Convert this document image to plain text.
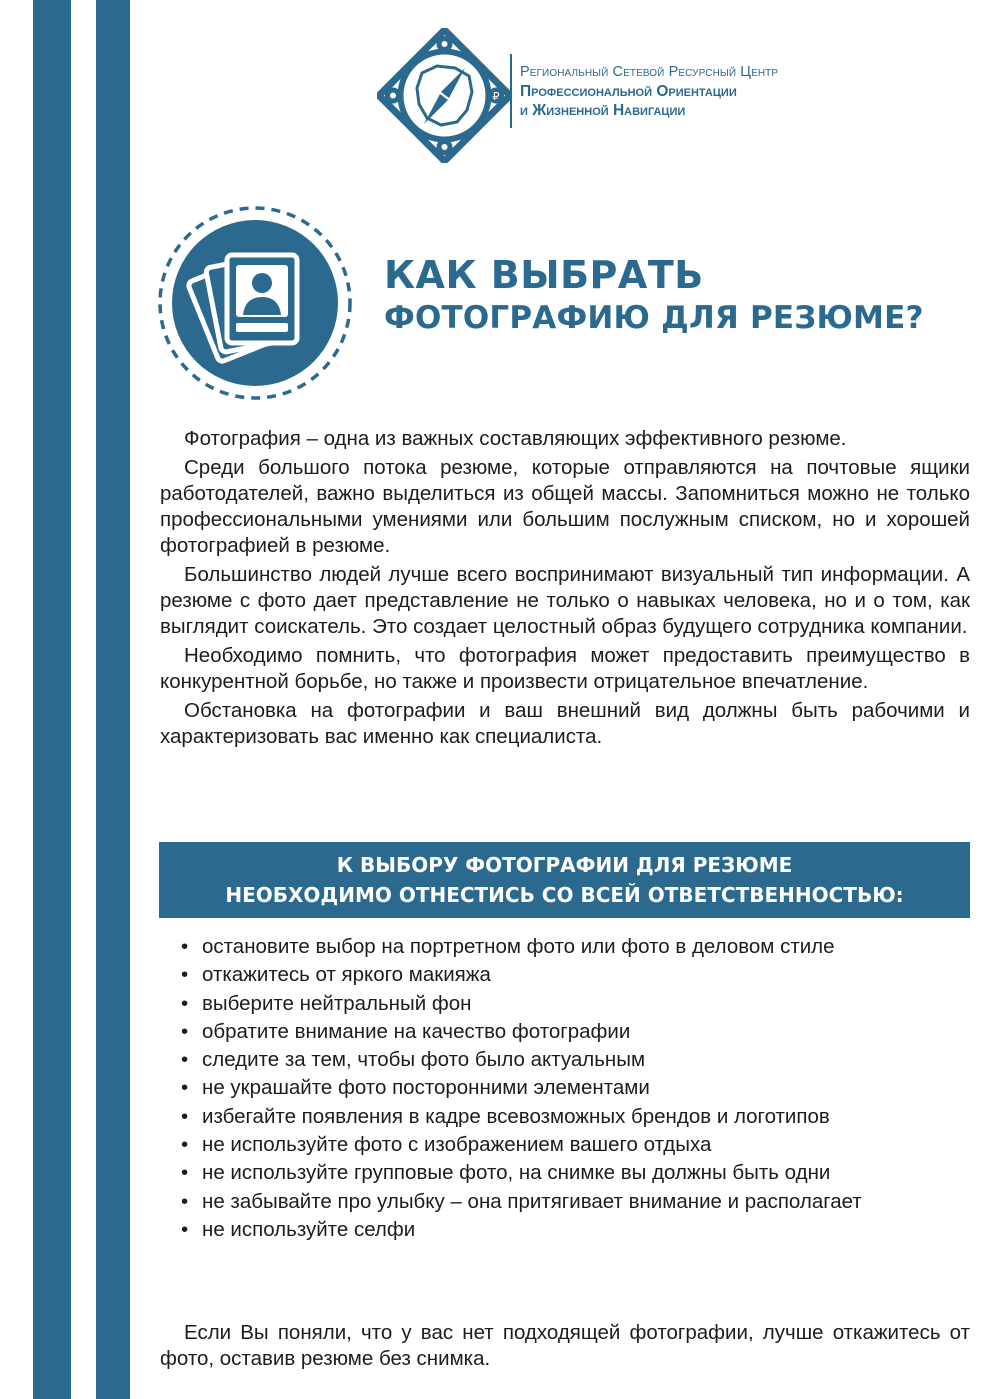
₽
Региональный Сетевой Ресурсный Центр
Профессиональной Ориентации
и Жизненной Навигации
КАК ВЫБРАТЬ
ФОТОГРАФИЮ ДЛЯ РЕЗЮМЕ?

Фотография – одна из важных составляющих эффективного резюме.

Среди большого потока резюме, которые отправляются на почтовые ящики работодателей, важно выделиться из общей массы. Запомниться можно не только профессиональными умениями или большим послужным списком, но и хорошей фотографией в резюме.

Большинство людей лучше всего воспринимают визуальный тип информации. А резюме с фото дает представление не только о навыках человека, но и о том, как выглядит соискатель. Это создает целостный образ будущего сотрудника компании.

Необходимо помнить, что фотография может предоставить преимущество в конкурентной борьбе, но также и произвести отрицательное впечатление.

Обстановка на фотографии и ваш внешний вид должны быть рабочими и характеризовать вас именно как специалиста.

К ВЫБОРУ ФОТОГРАФИИ ДЛЯ РЕЗЮМЕ
НЕОБХОДИМО ОТНЕСТИСЬ СО ВСЕЙ ОТВЕТСТВЕННОСТЬЮ:
• остановите выбор на портретном фото или фото в деловом стиле
• откажитесь от яркого макияжа
• выберите нейтральный фон
• обратите внимание на качество фотографии
• следите за тем, чтобы фото было актуальным
• не украшайте фото посторонними элементами
• избегайте появления в кадре всевозможных брендов и логотипов
• не используйте фото с изображением вашего отдыха
• не используйте групповые фото, на снимке вы должны быть одни
• не забывайте про улыбку – она притягивает внимание и располагает
• не используйте селфи

Если Вы поняли, что у вас нет подходящей фотографии, лучше откажитесь от фото, оставив резюме без снимка.
